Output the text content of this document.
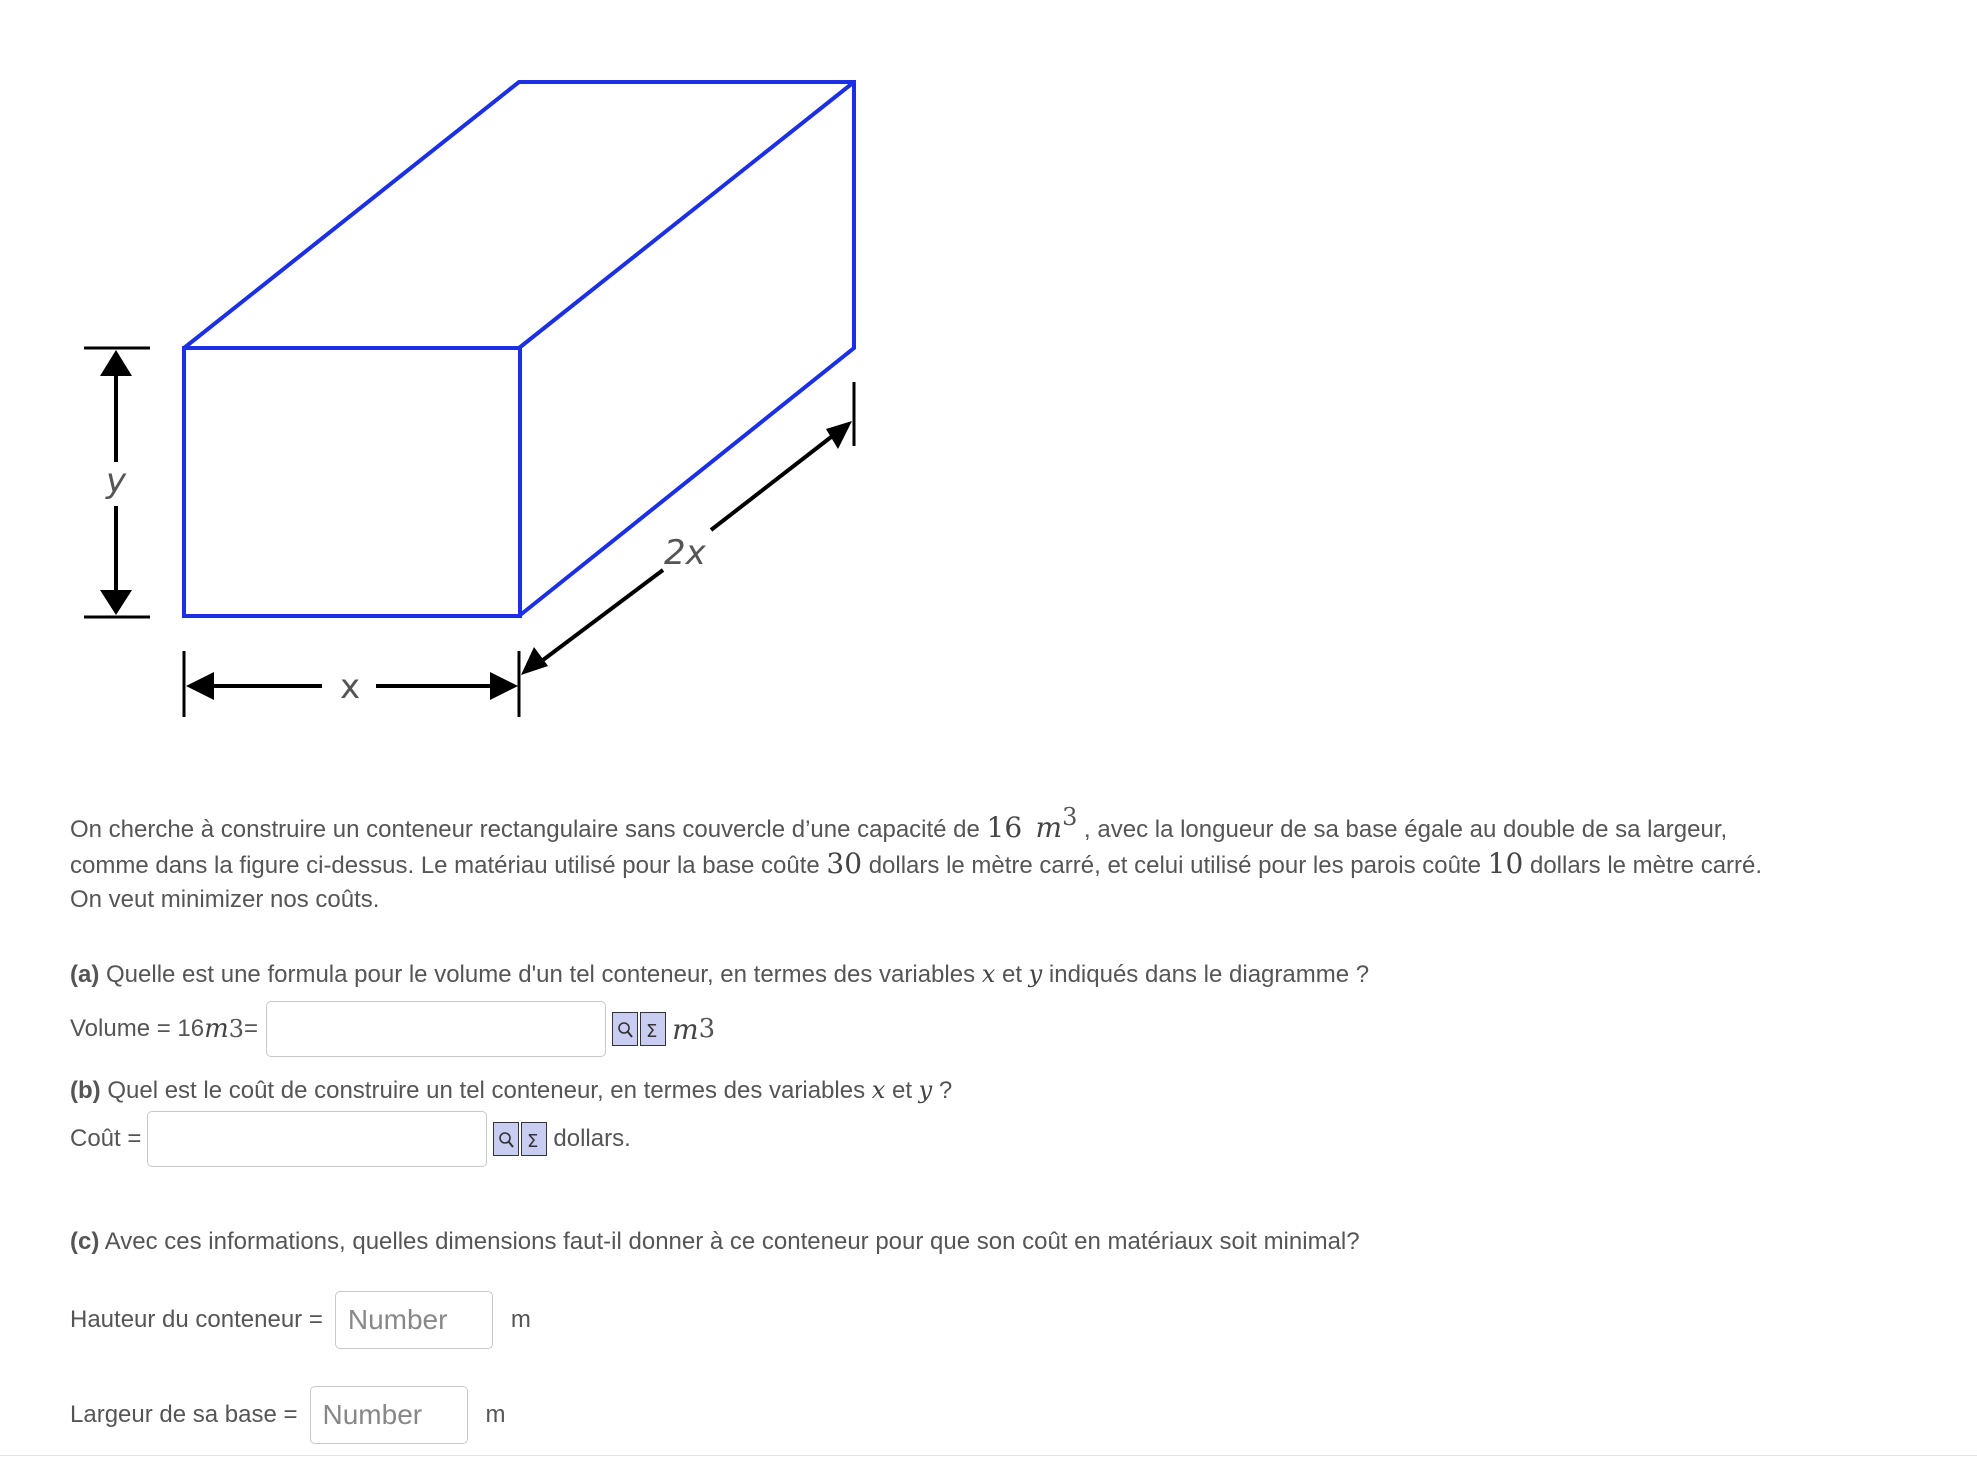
y
x
2x
On cherche à construire un conteneur rectangulaire sans couvercle d’une capacité de 16 m3 , avec la longueur de sa base égale au double de sa largeur, comme dans la figure ci-dessus. Le matériau utilisé pour la base coûte 30 dollars le mètre carré, et celui utilisé pour les parois coûte 10 dollars le mètre carré. On veut minimizer nos coûts.
(a) Quelle est une formula pour le volume d'un tel conteneur, en termes des variables x et y indiqués dans le diagramme ?
Volume = 16 m 3 =	Σ m 3
(b) Quel est le coût de construire un tel conteneur, en termes des variables x et y ?
Coût =	Σ dollars.
(c) Avec ces informations, quelles dimensions faut-il donner à ce conteneur pour que son coût en matériaux soit minimal?
Hauteur du conteneur =
Number	m
Largeur de sa base =
Number	m
